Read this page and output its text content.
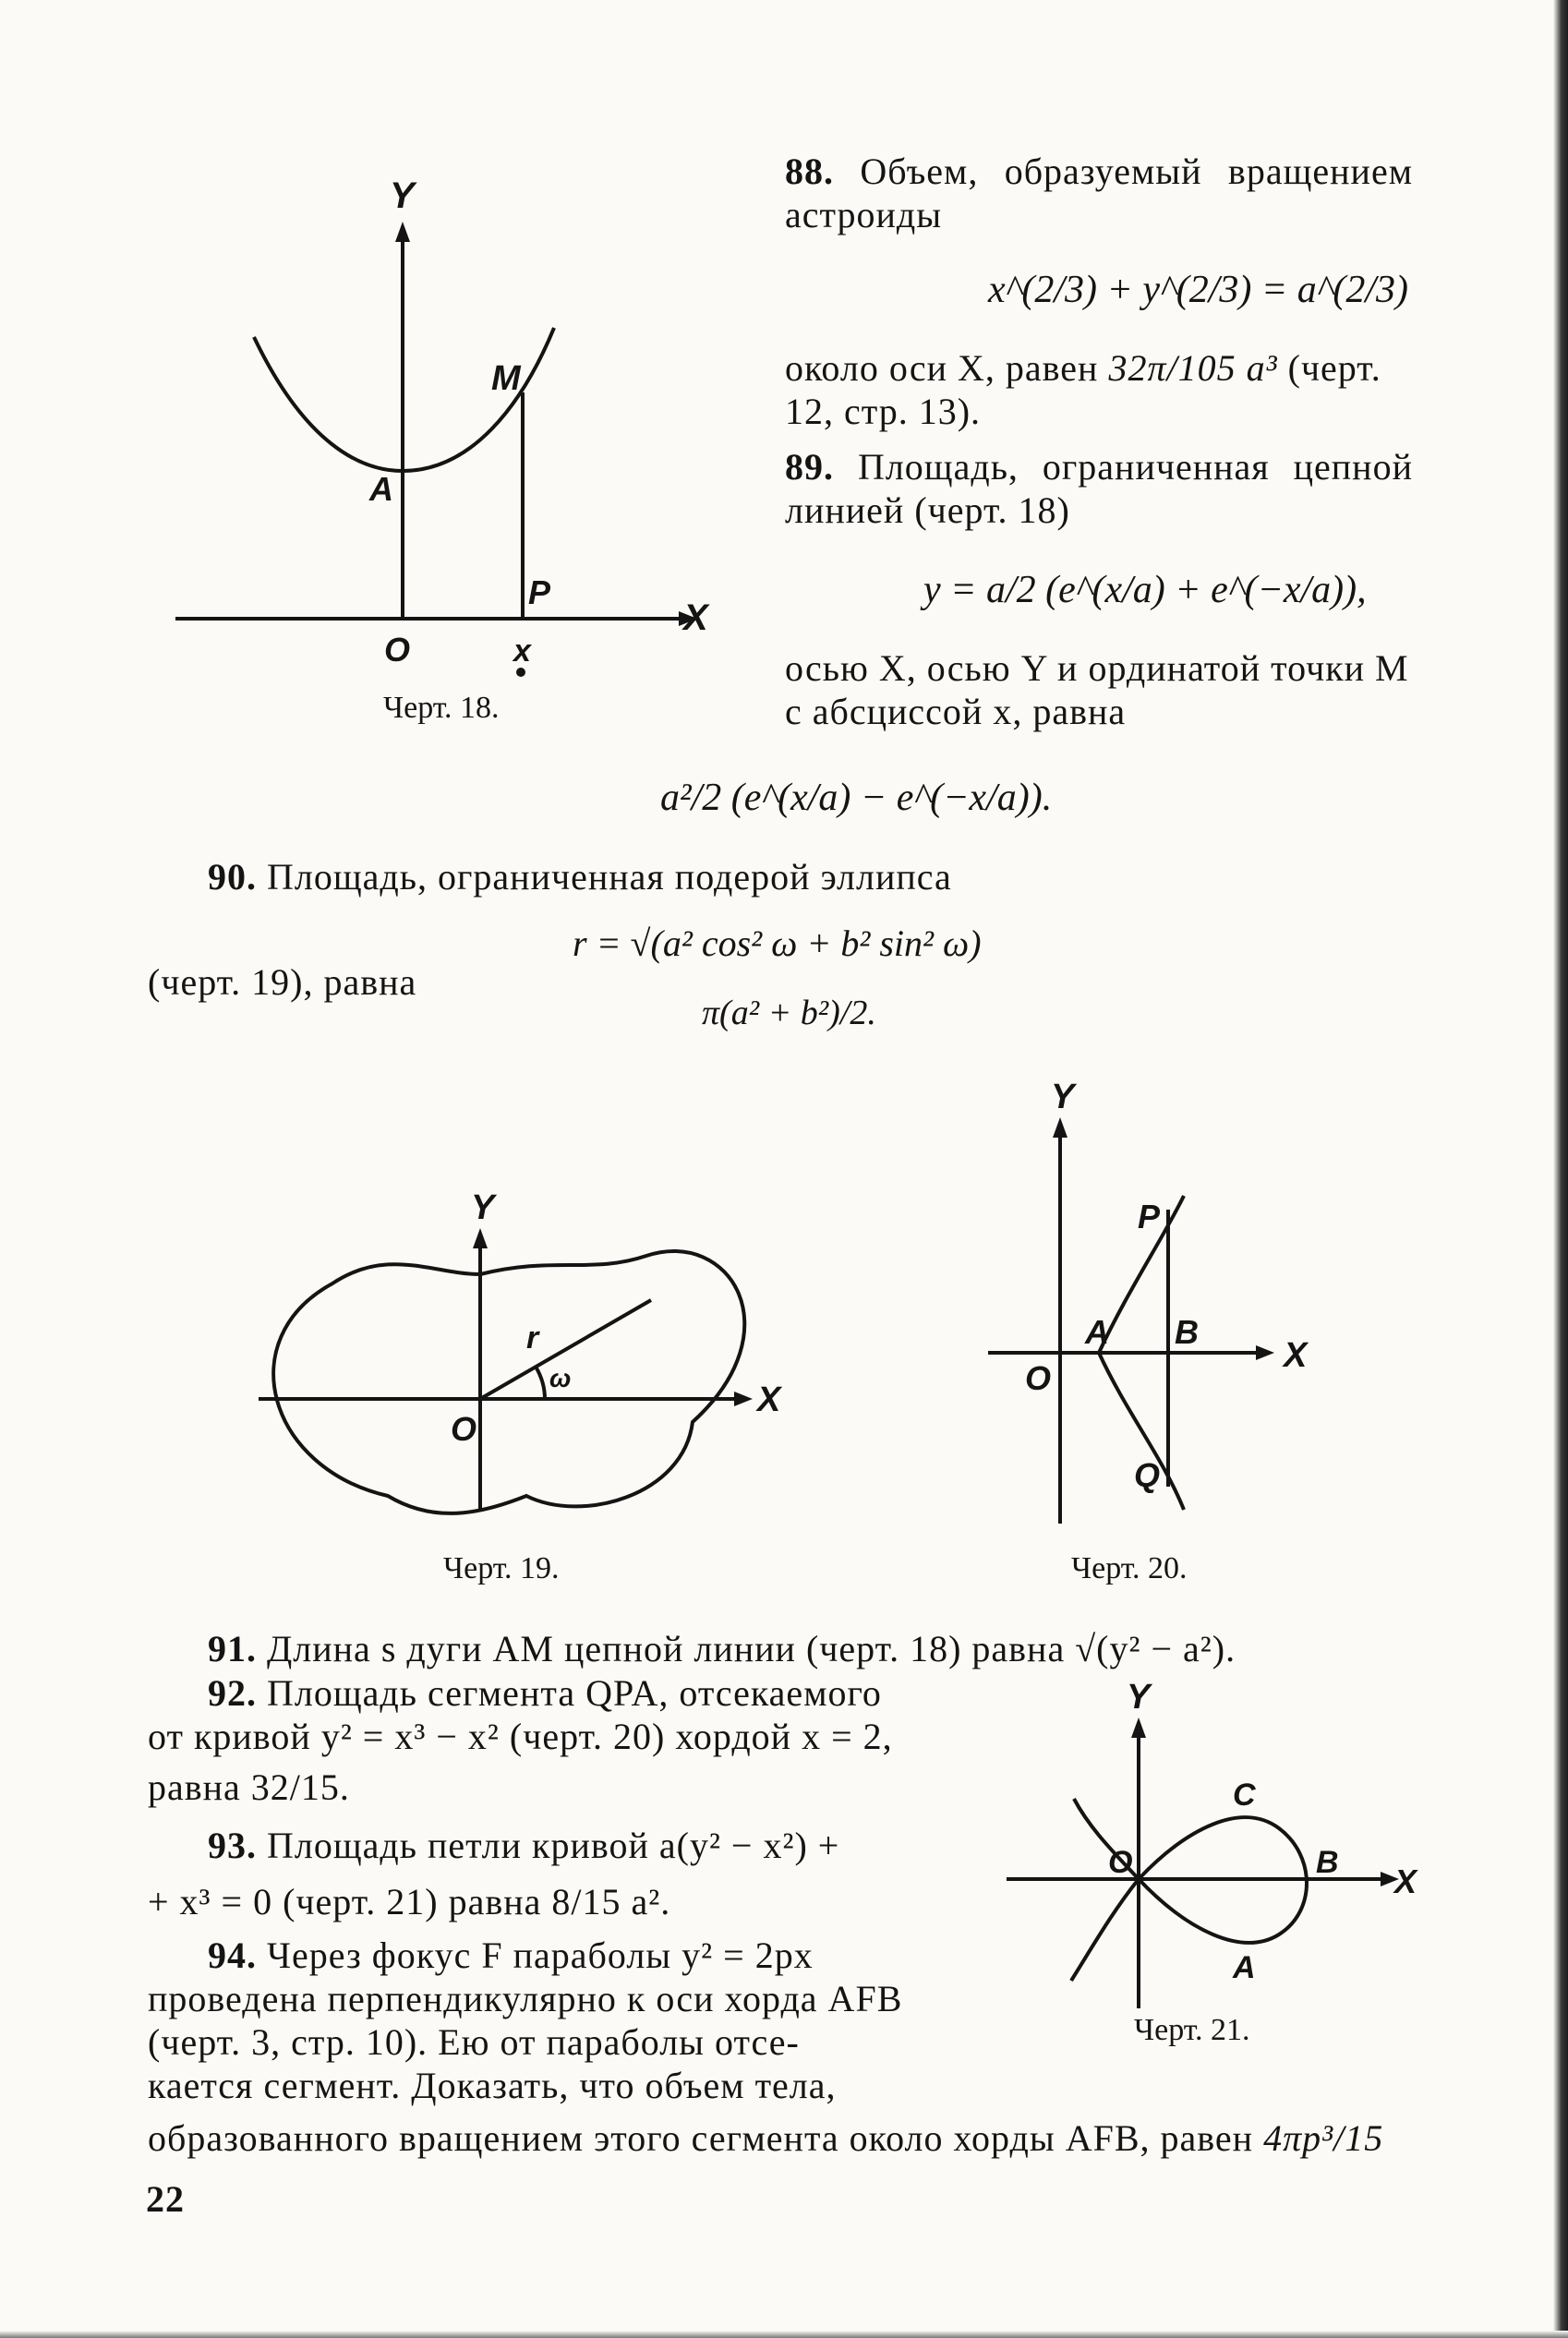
Y
X
M
A
O
P
x
Черт. 18.
88. Объем, образуемый вращением астроиды
x^(2/3) + y^(2/3) = a^(2/3)
около оси X, равен 32π/105 a³ (черт. 12, стр. 13).
89. Площадь, ограниченная цепной линией (черт. 18)
y = a/2 (e^(x/a) + e^(−x/a)),
осью X, осью Y и ординатой точки M с абсциссой x, равна
a²/2 (e^(x/a) − e^(−x/a)).
90. Площадь, ограниченная подерой эллипса
r = √(a² cos² ω + b² sin² ω)
(черт. 19), равна
π(a² + b²)/2.
Y
X
O
r
ω
Черт. 19.
Y
X
O
P
A B
Q
Черт. 20.
91. Длина s дуги AM цепной линии (черт. 18) равна √(y² − a²).
92. Площадь сегмента QPA, отсекаемого
от кривой y² = x³ − x² (черт. 20) хордой x = 2,
равна 32/15.
93. Площадь петли кривой a(y² − x²) +
+ x³ = 0 (черт. 21) равна 8/15 a².
Y
X
O
C
B
A
Черт. 21.
94. Через фокус F параболы y² = 2px
проведена перпендикулярно к оси хорда AFB
(черт. 3, стр. 10). Ею от параболы отсе-
кается сегмент. Доказать, что объем тела,
образованного вращением этого сегмента около хорды AFB, равен 4πp³/15
22
